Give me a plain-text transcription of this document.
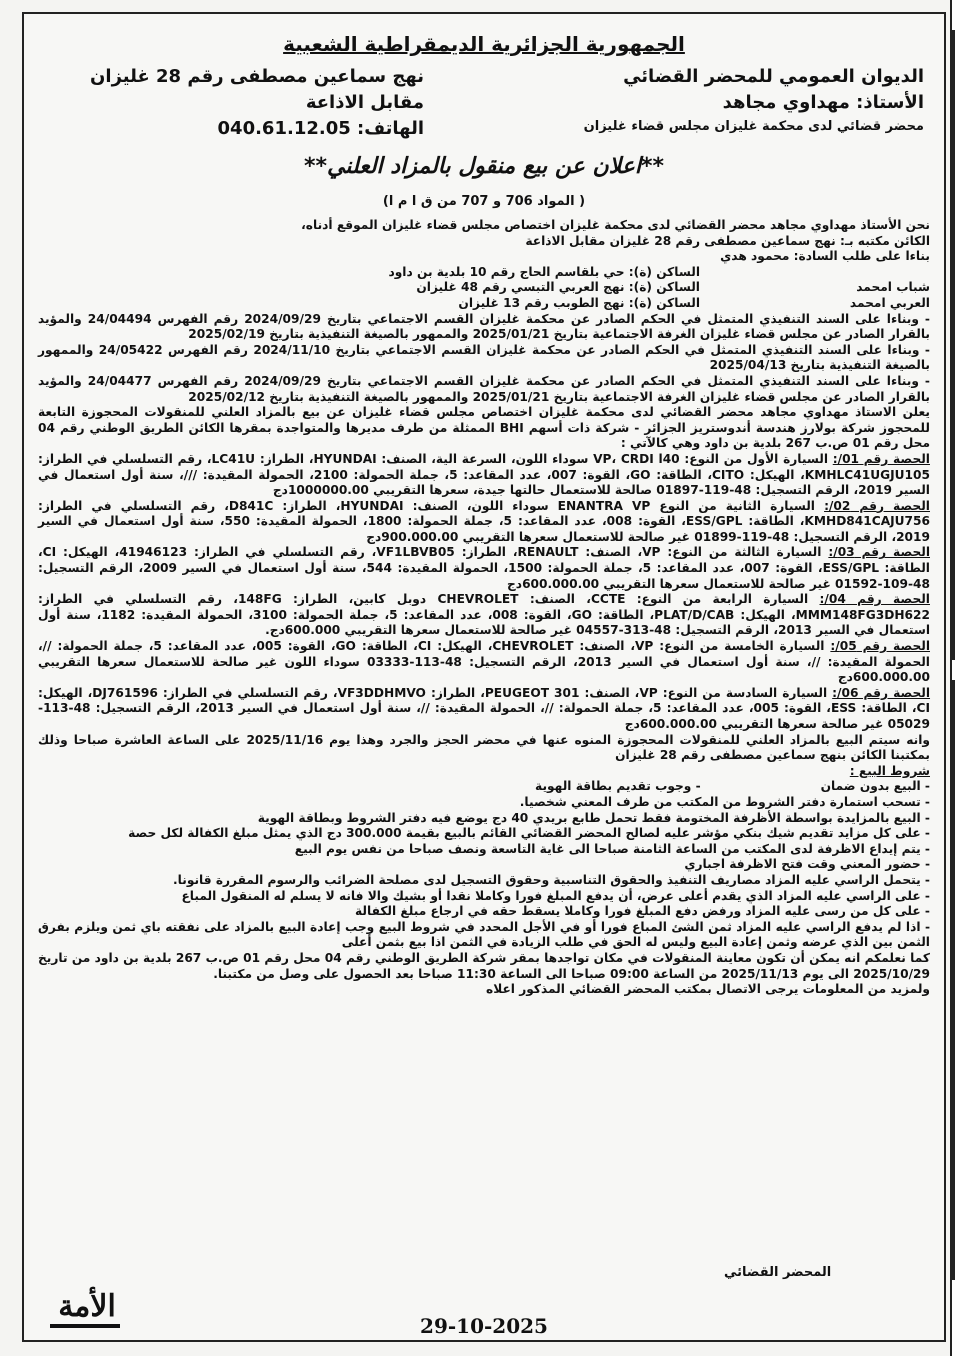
الجمهورية الجزائرية الديمقراطية الشعبية
الديوان العمومي للمحضر القضائي
الأستاذ: مهداوي مجاهد
محضر قضائي لدى محكمة غليزان مجلس قضاء غليزان
نهج سماعين مصطفى رقم 28 غليزان
مقابل الاذاعة
الهاتف: 040.61.12.05
**اعلان عن بيع منقول بالمزاد العلني**
( المواد 706 و 707 من ق ا م ا)

نحن الأستاذ مهداوي مجاهد محضر القضائي لدى محكمة غليزان اختصاص مجلس قضاء غليزان الموقع أدناه،

الكائن مكتبه بـ: نهج سماعين مصطفى رقم 28 غليزان مقابل الاذاعة

بناءا على طلب السادة: محمود هدي

الساكن (ة): حي بلقاسم الحاج رقم 10 بلدية بن داود
شباب امحمد
الساكن (ة): نهج العربي التبسي رقم 48 غليزان
العربي امحمد
الساكن (ة): نهج الطوبب رقم 13 غليزان

- وبناءا على السند التنفيذي المتمثل في الحكم الصادر عن محكمة غليزان القسم الاجتماعي بتاريخ 2024/09/29 رقم الفهرس 24/04494 والمؤيد بالقرار الصادر عن مجلس قضاء غليزان الغرفة الاجتماعية بتاريخ 2025/01/21 والممهور بالصيغة التنفيذية بتاريخ 2025/02/19

- وبناءا على السند التنفيذي المتمثل في الحكم الصادر عن محكمة غليزان القسم الاجتماعي بتاريخ 2024/11/10 رقم الفهرس 24/05422 والممهور بالصيغة التنفيذية بتاريخ 2025/04/13

- وبناءا على السند التنفيذي المتمثل في الحكم الصادر عن محكمة غليزان القسم الاجتماعي بتاريخ 2024/09/29 رقم الفهرس 24/04477 والمؤيد بالقرار الصادر عن مجلس قضاء غليزان الغرفة الاجتماعية بتاريخ 2025/01/21 والممهور بالصيغة التنفيذية بتاريخ 2025/02/12

يعلن الاستاذ مهداوي مجاهد محضر القضائي لدى محكمة غليزان اختصاص مجلس قضاء غليزان عن بيع بالمزاد العلني للمنقولات المحجوزة التابعة للمحجوز شركة بولارز هندسة أندوستريز الجزائر - شركة ذات أسهم BHI الممثلة من طرف مديرها والمتواجدة بمقرها الكائن الطريق الوطني رقم 04 محل رقم 01 ص.ب 267 بلدية بن داود وهي كالآتي :

الحصة رقم 01/: السيارة الأول من النوع: VP، CRDI l40 سوداء اللون، السرعة الية، الصنف: HYUNDAI، الطراز: LC41U، رقم التسلسلي في الطراز: KMHLC41UGJU105، الهيكل: CITO، الطاقة: GO، القوة: 007، عدد المقاعد: 5، جملة الحمولة: 2100، الحمولة المقيدة: ///، سنة أول استعمال في السير 2019، الرقم التسجيل: 48-119-01897 صالحة للاستعمال حالتها جيدة، سعرها التقريبي 1000000.00دج

الحصة رقم 02/: السيارة الثانية من النوع ENANTRA VP سوداء اللون، الصنف: HYUNDAI، الطراز: D841C، رقم التسلسلي في الطراز: KMHD841CAJU756، الطاقة: ESS/GPL، القوة: 008، عدد المقاعد: 5، جملة الحمولة: 1800، الحمولة المقيدة: 550، سنة أول استعمال في السير 2019، الرقم التسجيل: 48-119-01899 غير صالحة للاستعمال سعرها التقريبي 900.000.00دج

الحصة رقم 03/: السيارة الثالثة من النوع: VP، الصنف: RENAULT، الطراز: VF1LBVB05، رقم التسلسلي في الطراز: 41946123، الهيكل: CI، الطاقة: ESS/GPL، القوة: 007، عدد المقاعد: 5، جملة الحمولة: 1500، الحمولة المقيدة: 544، سنة أول استعمال في السير 2009، الرقم التسجيل: 48-109-01592 غير صالحة للاستعمال سعرها التقريبي 600.000.00دج

الحصة رقم 04/: السيارة الرابعة من النوع: CCTE، الصنف: CHEVROLET دوبل كابين، الطراز: 148FG، رقم التسلسلي في الطراز: MMM148FG3DH622، الهيكل: PLAT/D/CAB، الطاقة: GO، القوة: 008، عدد المقاعد: 5، جملة الحمولة: 3100، الحمولة المقيدة: 1182، سنة أول استعمال في السير 2013، الرقم التسجيل: 48-313-04557 غير صالحة للاستعمال سعرها التقريبي 600.000دج.

الحصة رقم 05/: السيارة الخامسة من النوع: VP، الصنف: CHEVROLET، الهيكل: CI، الطاقة: GO، القوة: 005، عدد المقاعد: 5، جملة الحمولة: //، الحمولة المقيدة: //، سنة أول استعمال في السير 2013، الرقم التسجيل: 48-113-03333 سوداء اللون غير صالحة للاستعمال سعرها التقريبي 600.000.00دج

الحصة رقم 06/: السيارة السادسة من النوع: VP، الصنف: PEUGEOT 301، الطراز: VF3DDHMVO، رقم التسلسلي في الطراز: DJ761596، الهيكل: CI، الطاقة: ESS، القوة: 005، عدد المقاعد: 5، جملة الحمولة: //، الحمولة المقيدة: //، سنة أول استعمال في السير 2013، الرقم التسجيل: 48-113-05029 غير صالحة سعرها التقريبي 600.000.00دج

وانه سيتم البيع بالمزاد العلني للمنقولات المحجوزة المنوه عنها في محضر الحجز والجرد وهذا يوم 2025/11/16 على الساعة العاشرة صباحا وذلك بمكتبنا الكائن بنهج سماعين مصطفى رقم 28 غليزان

شروط البيع :

- البيع بدون ضمان
- وجوب تقديم بطاقة الهوية

- تسحب استمارة دفتر الشروط من المكتب من طرف المعني شخصيا.

- البيع بالمزايدة بواسطة الأظرفة المختومة فقط تحمل طابع بريدي 40 دج يوضع فيه دفتر الشروط وبطاقة الهوية

- على كل مزايد تقديم شيك بنكي مؤشر عليه لصالح المحضر القضائي القائم بالبيع بقيمة 300.000 دج الذي يمثل مبلغ الكفالة لكل حصة

- يتم إيداع الاظرفة لدى المكتب من الساعة الثامنة صباحا الى غاية التاسعة ونصف صباحا من نفس يوم البيع

- حضور المعني وقت فتح الاظرفة اجباري

- يتحمل الراسي عليه المزاد مصاريف التنفيذ والحقوق التناسبية وحقوق التسجيل لدى مصلحة الضرائب والرسوم المقررة قانونا.

- على الراسي عليه المزاد الذي يقدم أعلى عرض، أن يدفع المبلغ فورا وكاملا نقدا أو بشيك والا فانه لا يسلم له المنقول المباع

- على كل من رسى عليه المزاد ورفض دفع المبلغ فورا وكاملا يسقط حقه في ارجاع مبلغ الكفالة

- اذا لم يدفع الراسي عليه المزاد ثمن الشئ المباع فورا أو في الأجل المحدد في شروط البيع وجب إعادة البيع بالمزاد على نفقته باي ثمن ويلزم بفرق الثمن بين الذي عرضه وثمن إعادة البيع وليس له الحق في طلب الزيادة في الثمن اذا بيع بثمن أعلى

كما نعلمكم انه يمكن أن تكون معاينة المنقولات في مكان تواجدها بمقر شركة الطريق الوطني رقم 04 محل رقم 01 ص.ب 267 بلدية بن داود من تاريخ 2025/10/29 الى يوم 2025/11/13 من الساعة 09:00 صباحا الى الساعة 11:30 صباحا بعد الحصول على وصل من مكتبنا.

ولمزيد من المعلومات يرجى الاتصال بمكتب المحضر القضائي المذكور اعلاه

المحضر القضائي
الأمة
29-10-2025
